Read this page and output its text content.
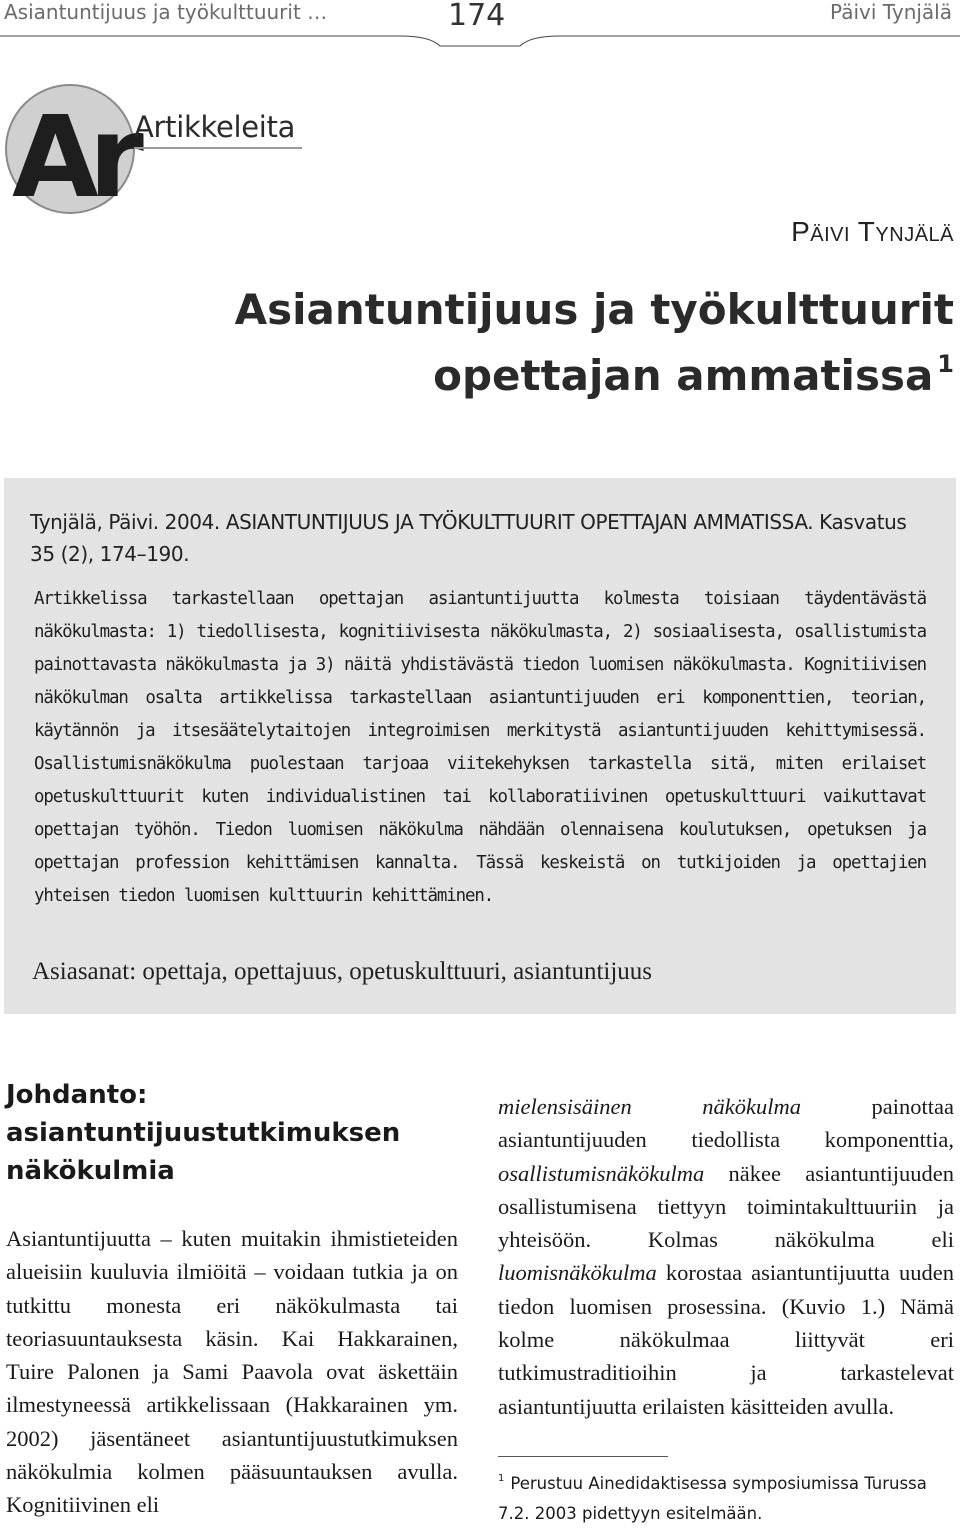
Asiantuntijuus ja työkulttuurit …	174	Päivi Tynjälä
Ar Artikkeleita
Päivi Tynjälä
Asiantuntijuus ja työkulttuurit
opettajan ammatissa $^1$
Tynjälä, Päivi. 2004. ASIANTUNTIJUUS JA TYÖKULTTUURIT OPETTAJAN AMMATISSA. Kasvatus 35 (2), 174–190.
Artikkelissa tarkastellaan opettajan asiantuntijuutta kolmesta toisiaan täydentävästä näkökulmasta: 1) tiedollisesta, kognitiivisesta näkökulmasta, 2) sosiaalisesta, osallistumista painottavasta näkökulmasta ja 3) näitä yhdistävästä tiedon luomisen näkökulmasta. Kognitiivisen näkökulman osalta artikkelissa tarkastellaan asiantuntijuuden eri komponenttien, teorian, käytännön ja itsesäätelytaitojen integroimisen merkitystä asiantuntijuuden kehittymisessä. Osallistumisnäkökulma puolestaan tarjoaa viitekehyksen tarkastella sitä, miten erilaiset opetuskulttuurit kuten individualistinen tai kollaboratiivinen opetuskulttuuri vaikuttavat opettajan työhön. Tiedon luomisen näkökulma nähdään olennaisena koulutuksen, opetuksen ja opettajan profession kehittämisen kannalta. Tässä keskeistä on tutkijoiden ja opettajien yhteisen tiedon luomisen kulttuurin kehittäminen.
Asiasanat: opettaja, opettajuus, opetuskulttuuri, asiantuntijuus
Johdanto:
asiantuntijuustutkimuksen
näkökulmia
Asiantuntijuutta – kuten muitakin ihmistieteiden alueisiin kuuluvia ilmiöitä – voidaan tutkia ja on tutkittu monesta eri näkökulmasta tai teoriasuuntauksesta käsin. Kai Hakkarainen, Tuire Palonen ja Sami Paavola ovat äskettäin ilmestyneessä artikkelissaan (Hakkarainen ym. 2002) jäsentäneet asiantuntijuustutkimuksen näkökulmia kolmen pääsuuntauksen avulla. Kognitiivinen eli
mielensisäinen näkökulma painottaa asiantuntijuuden tiedollista komponenttia, osallistumisnäkökulma näkee asiantuntijuuden osallistumisena tiettyyn toimintakulttuuriin ja yhteisöön. Kolmas näkökulma eli luomisnäkökulma korostaa asiantuntijuutta uuden tiedon luomisen prosessina. (Kuvio 1.) Nämä kolme näkökulmaa liittyvät eri tutkimustraditioihin ja tarkastelevat asiantuntijuutta erilaisten käsitteiden avulla.
$^1$ Perustuu Ainedidaktisessa symposiumissa Turussa 7.2. 2003 pidettyyn esitelmään.
